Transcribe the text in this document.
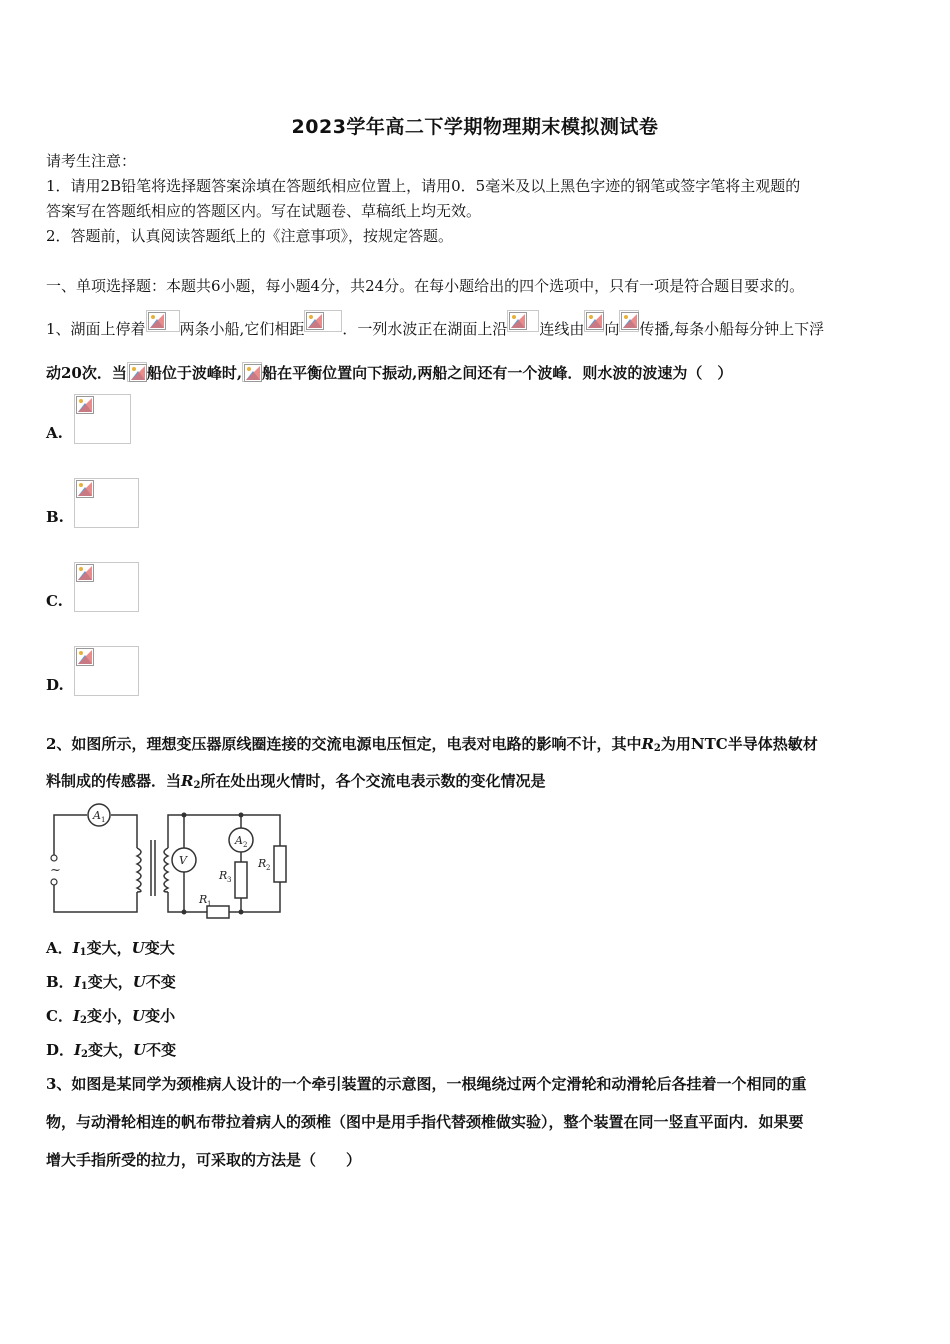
2023学年高二下学期物理期末模拟测试卷
请考生注意：
1．请用2B铅笔将选择题答案涂填在答题纸相应位置上，请用0．5毫米及以上黑色字迹的钢笔或签字笔将主观题的
答案写在答题纸相应的答题区内。写在试题卷、草稿纸上均无效。
2．答题前，认真阅读答题纸上的《注意事项》，按规定答题。
一、单项选择题：本题共6小题，每小题4分，共24分。在每小题给出的四个选项中，只有一项是符合题目要求的。
1、湖面上停着 两条小船,它们相距	．一列水波正在湖面上沿 连线由 向 传播,每条小船每分钟上下浮
动20次．当 船位于波峰时, 船在平衡位置向下振动,两船之间还有一个波峰．则水波的波速为（　）
A.
B.
C.
D.
2、如图所示，理想变压器原线圈连接的交流电源电压恒定，电表对电路的影响不计，其中$R_2$为用NTC半导体热敏材
料制成的传感器．当$R_2$所在处出现火情时，各个交流电表示数的变化情况是
~
A 1
A 2
V
R 1
R 2
R 3
A．$I_1$变大，U变大
B．$I_1$变大，U不变
C．$I_2$变小，U变小
D．$I_2$变大，U不变
3、如图是某同学为颈椎病人设计的一个牵引装置的示意图，一根绳绕过两个定滑轮和动滑轮后各挂着一个相同的重
物，与动滑轮相连的帆布带拉着病人的颈椎（图中是用手指代替颈椎做实验），整个装置在同一竖直平面内．如果要
增大手指所受的拉力，可采取的方法是（　　）
